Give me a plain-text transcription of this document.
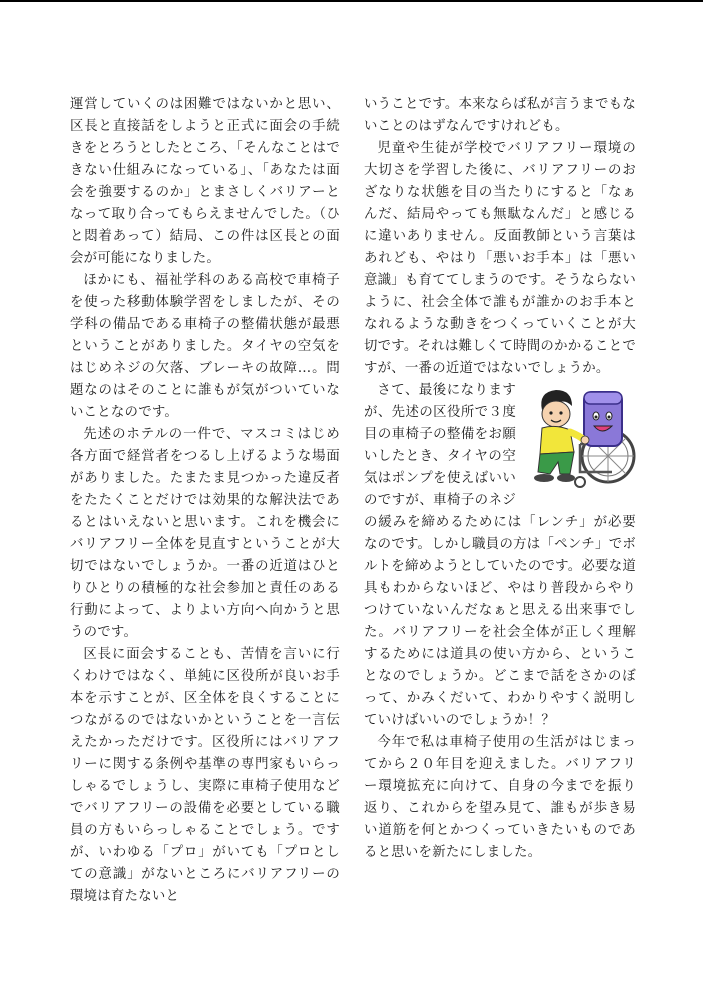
運営していくのは困難ではないかと思い、区長と直接話をしようと正式に面会の手続きをとろうとしたところ、「そんなことはできない仕組みになっている」、「あなたは面会を強要するのか」とまさしくバリアーとなって取り合ってもらえませんでした。（ひと悶着あって）結局、この件は区長との面会が可能になりました。

ほかにも、福祉学科のある高校で車椅子を使った移動体験学習をしましたが、その学科の備品である車椅子の整備状態が最悪ということがありました。タイヤの空気をはじめネジの欠落、ブレーキの故障…。問題なのはそのことに誰もが気がついていないことなのです。

先述のホテルの一件で、マスコミはじめ各方面で経営者をつるし上げるような場面がありました。たまたま見つかった違反者をたたくことだけでは効果的な解決法であるとはいえないと思います。これを機会にバリアフリー全体を見直すということが大切ではないでしょうか。一番の近道はひとりひとりの積極的な社会参加と責任のある行動によって、よりよい方向へ向かうと思うのです。

区長に面会することも、苦情を言いに行くわけではなく、単純に区役所が良いお手本を示すことが、区全体を良くすることにつながるのではないかということを一言伝えたかっただけです。区役所にはバリアフリーに関する条例や基準の専門家もいらっしゃるでしょうし、実際に車椅子使用などでバリアフリーの設備を必要としている職員の方もいらっしゃることでしょう。ですが、いわゆる「プロ」がいても「プロとしての意識」がないところにバリアフリーの環境は育たないと

いうことです。本来ならば私が言うまでもないことのはずなんですけれども。

児童や生徒が学校でバリアフリー環境の大切さを学習した後に、バリアフリーのおざなりな状態を目の当たりにすると「なぁんだ、結局やっても無駄なんだ」と感じるに違いありません。反面教師という言葉はあれども、やはり「悪いお手本」は「悪い意識」も育ててしまうのです。そうならないように、社会全体で誰もが誰かのお手本となれるような動きをつくっていくことが大切です。それは難しくて時間のかかることですが、一番の近道ではないでしょうか。

さて、最後になりますが、先述の区役所で３度目の車椅子の整備をお願いしたとき、タイヤの空気はポンプを使えばいいのですが、車椅子のネジの緩みを締めるためには「レンチ」が必要なのです。しかし職員の方は「ペンチ」でボルトを締めようとしていたのです。必要な道具もわからないほど、やはり普段からやりつけていないんだなぁと思える出来事でした。バリアフリーを社会全体が正しく理解するためには道具の使い方から、ということなのでしょうか。どこまで話をさかのぼって、かみくだいて、わかりやすく説明していけばいいのでしょうか！？

今年で私は車椅子使用の生活がはじまってから２０年目を迎えました。バリアフリー環境拡充に向けて、自身の今までを振り返り、これからを望み見て、誰もが歩き易い道筋を何とかつくっていきたいものであると思いを新たにしました。
